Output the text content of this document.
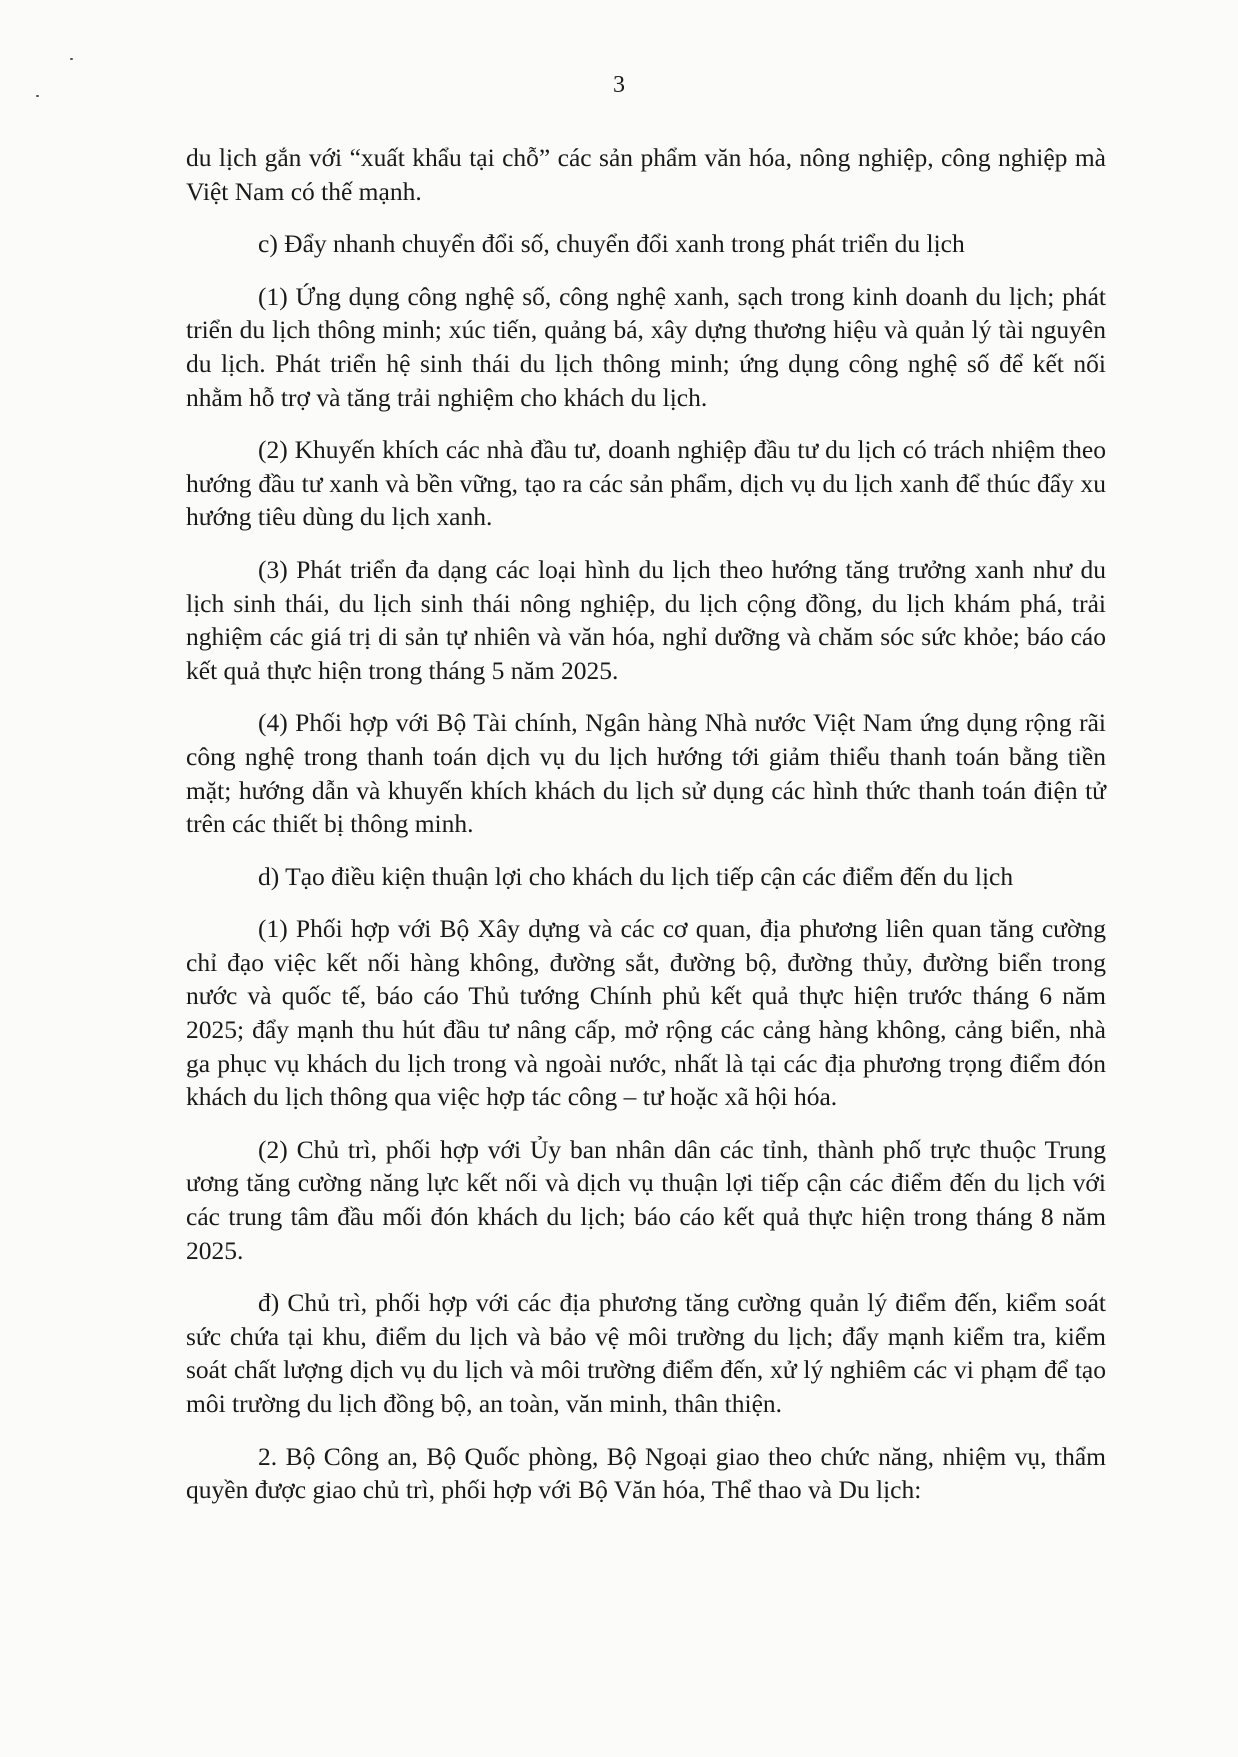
3

du lịch gắn với “xuất khẩu tại chỗ” các sản phẩm văn hóa, nông nghiệp, công nghiệp mà Việt Nam có thế mạnh.

c) Đẩy nhanh chuyển đổi số, chuyển đổi xanh trong phát triển du lịch

(1) Ứng dụng công nghệ số, công nghệ xanh, sạch trong kinh doanh du lịch; phát triển du lịch thông minh; xúc tiến, quảng bá, xây dựng thương hiệu và quản lý tài nguyên du lịch. Phát triển hệ sinh thái du lịch thông minh; ứng dụng công nghệ số để kết nối nhằm hỗ trợ và tăng trải nghiệm cho khách du lịch.

(2) Khuyến khích các nhà đầu tư, doanh nghiệp đầu tư du lịch có trách nhiệm theo hướng đầu tư xanh và bền vững, tạo ra các sản phẩm, dịch vụ du lịch xanh để thúc đẩy xu hướng tiêu dùng du lịch xanh.

(3) Phát triển đa dạng các loại hình du lịch theo hướng tăng trưởng xanh như du lịch sinh thái, du lịch sinh thái nông nghiệp, du lịch cộng đồng, du lịch khám phá, trải nghiệm các giá trị di sản tự nhiên và văn hóa, nghỉ dưỡng và chăm sóc sức khỏe; báo cáo kết quả thực hiện trong tháng 5 năm 2025.

(4) Phối hợp với Bộ Tài chính, Ngân hàng Nhà nước Việt Nam ứng dụng rộng rãi công nghệ trong thanh toán dịch vụ du lịch hướng tới giảm thiểu thanh toán bằng tiền mặt; hướng dẫn và khuyến khích khách du lịch sử dụng các hình thức thanh toán điện tử trên các thiết bị thông minh.

d) Tạo điều kiện thuận lợi cho khách du lịch tiếp cận các điểm đến du lịch

(1) Phối hợp với Bộ Xây dựng và các cơ quan, địa phương liên quan tăng cường chỉ đạo việc kết nối hàng không, đường sắt, đường bộ, đường thủy, đường biển trong nước và quốc tế, báo cáo Thủ tướng Chính phủ kết quả thực hiện trước tháng 6 năm 2025; đẩy mạnh thu hút đầu tư nâng cấp, mở rộng các cảng hàng không, cảng biển, nhà ga phục vụ khách du lịch trong và ngoài nước, nhất là tại các địa phương trọng điểm đón khách du lịch thông qua việc hợp tác công – tư hoặc xã hội hóa.

(2) Chủ trì, phối hợp với Ủy ban nhân dân các tỉnh, thành phố trực thuộc Trung ương tăng cường năng lực kết nối và dịch vụ thuận lợi tiếp cận các điểm đến du lịch với các trung tâm đầu mối đón khách du lịch; báo cáo kết quả thực hiện trong tháng 8 năm 2025.

đ) Chủ trì, phối hợp với các địa phương tăng cường quản lý điểm đến, kiểm soát sức chứa tại khu, điểm du lịch và bảo vệ môi trường du lịch; đẩy mạnh kiểm tra, kiểm soát chất lượng dịch vụ du lịch và môi trường điểm đến, xử lý nghiêm các vi phạm để tạo môi trường du lịch đồng bộ, an toàn, văn minh, thân thiện.

2. Bộ Công an, Bộ Quốc phòng, Bộ Ngoại giao theo chức năng, nhiệm vụ, thẩm quyền được giao chủ trì, phối hợp với Bộ Văn hóa, Thể thao và Du lịch:
